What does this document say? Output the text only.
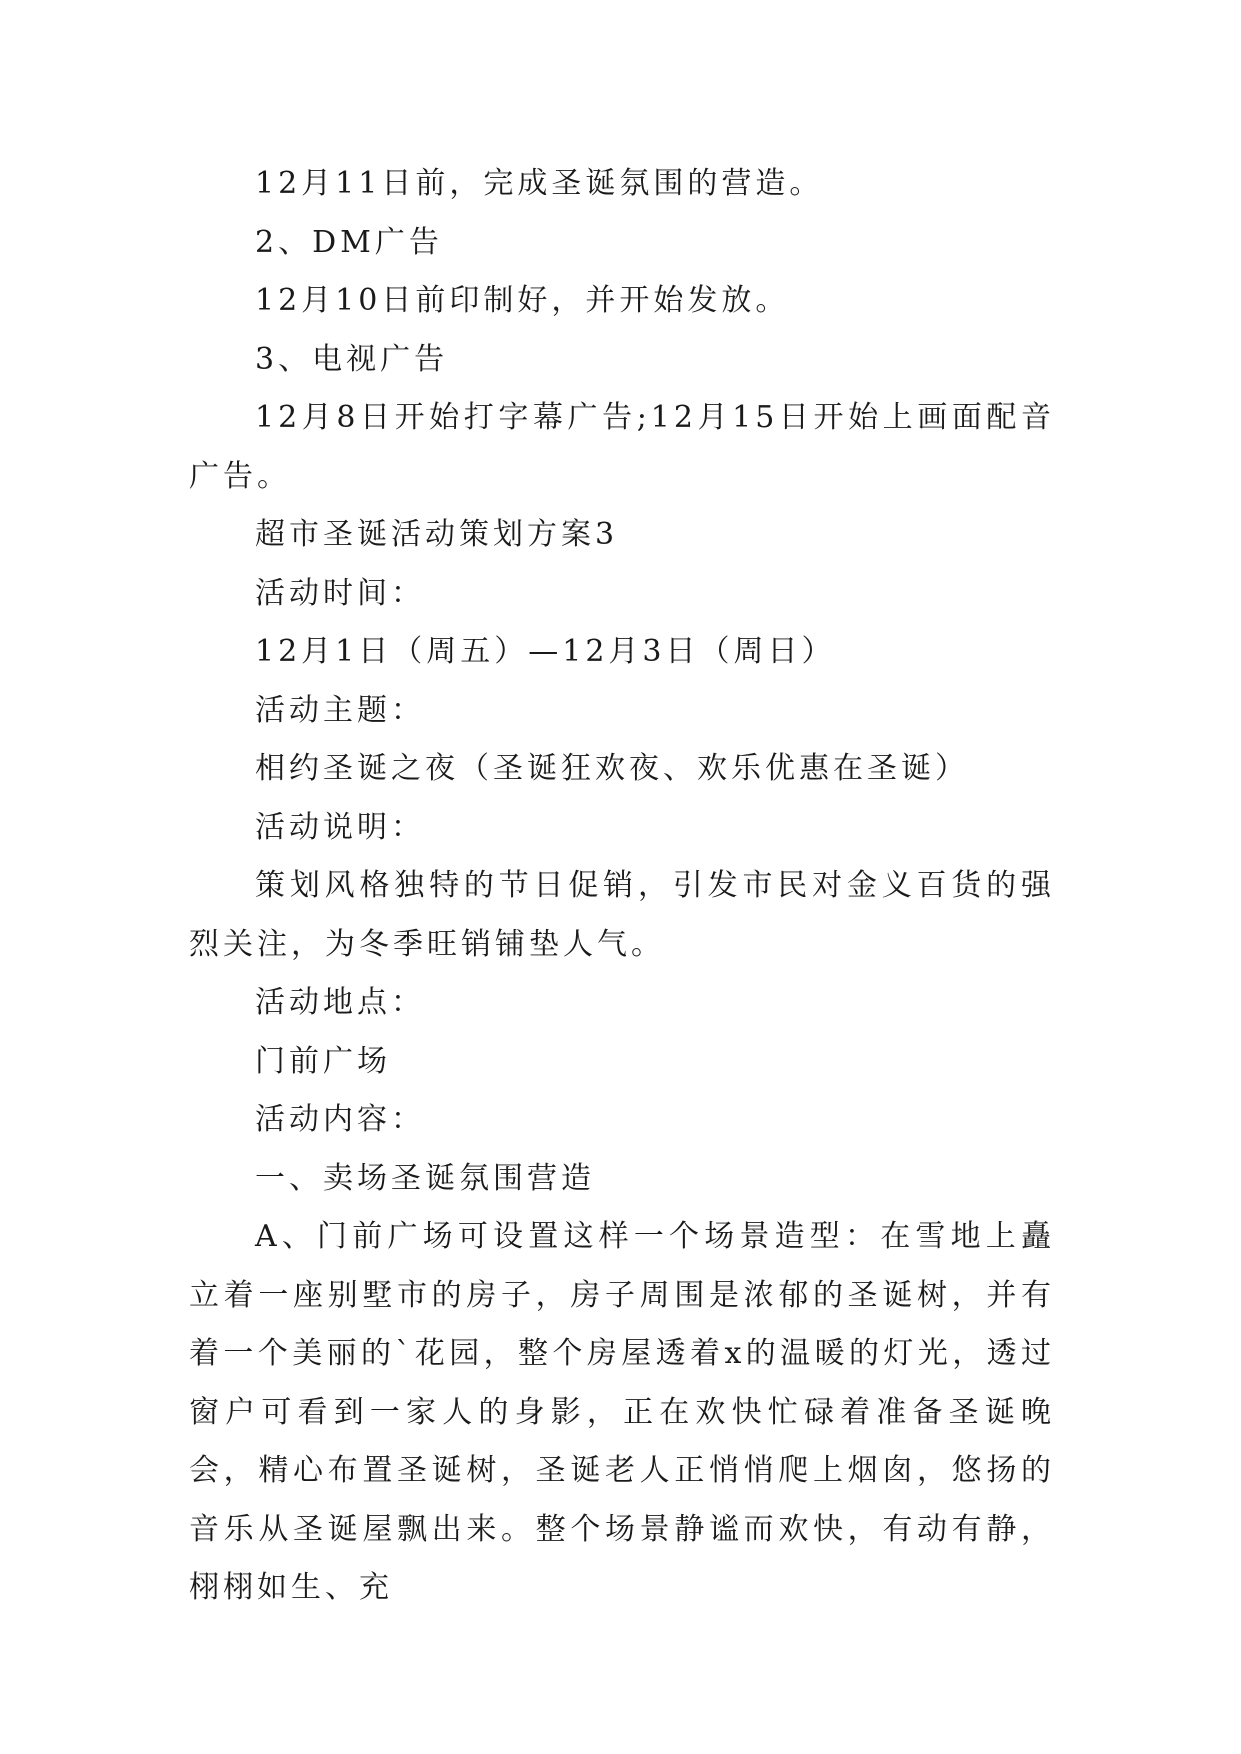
12月11日前，完成圣诞氛围的营造。

2、DM广告

12月10日前印制好，并开始发放。

3、电视广告

12月8日开始打字幕广告;12月15日开始上画面配音广告。

超市圣诞活动策划方案3

活动时间：

12月1日（周五）—12月3日（周日）

活动主题：

相约圣诞之夜（圣诞狂欢夜、欢乐优惠在圣诞）

活动说明：

策划风格独特的节日促销，引发市民对金义百货的强烈关注，为冬季旺销铺垫人气。

活动地点：

门前广场

活动内容：

一、卖场圣诞氛围营造

A、门前广场可设置这样一个场景造型：在雪地上矗立着一座别墅市的房子，房子周围是浓郁的圣诞树，并有着一个美丽的`花园，整个房屋透着x的温暖的灯光，透过窗户可看到一家人的身影，正在欢快忙碌着准备圣诞晚会，精心布置圣诞树，圣诞老人正悄悄爬上烟囱，悠扬的音乐从圣诞屋飘出来。整个场景静谧而欢快，有动有静，栩栩如生、充
